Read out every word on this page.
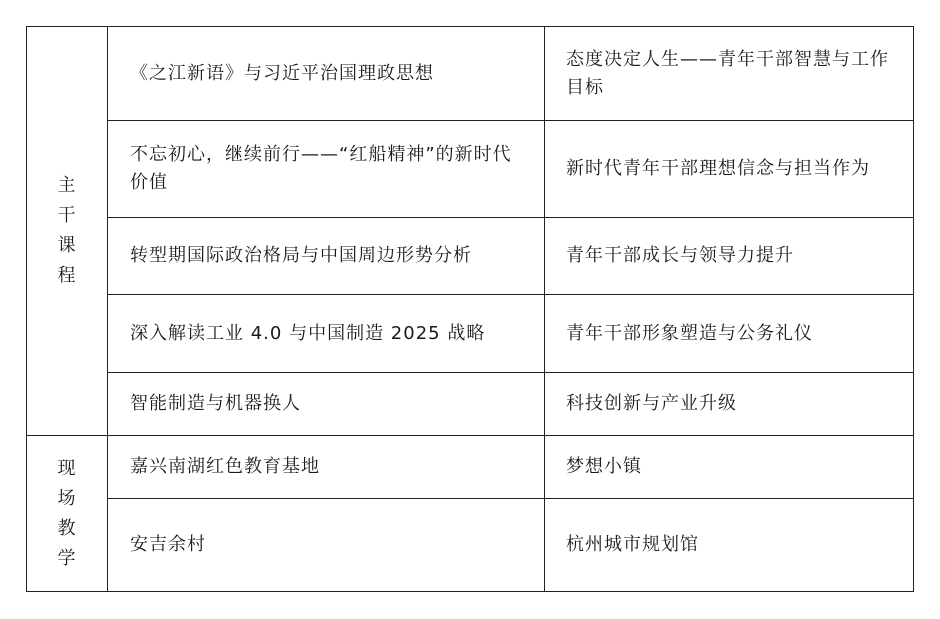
主干课程	《之江新语》与习近平治国理政思想	态度决定人生——青年干部智慧与工作目标
	不忘初心，继续前行——“红船精神”的新时代价值	新时代青年干部理想信念与担当作为
	转型期国际政治格局与中国周边形势分析	青年干部成长与领导力提升
	深入解读工业 4.0 与中国制造 2025 战略	青年干部形象塑造与公务礼仪
	智能制造与机器换人	科技创新与产业升级
现场教学	嘉兴南湖红色教育基地	梦想小镇
	安吉余村	杭州城市规划馆
